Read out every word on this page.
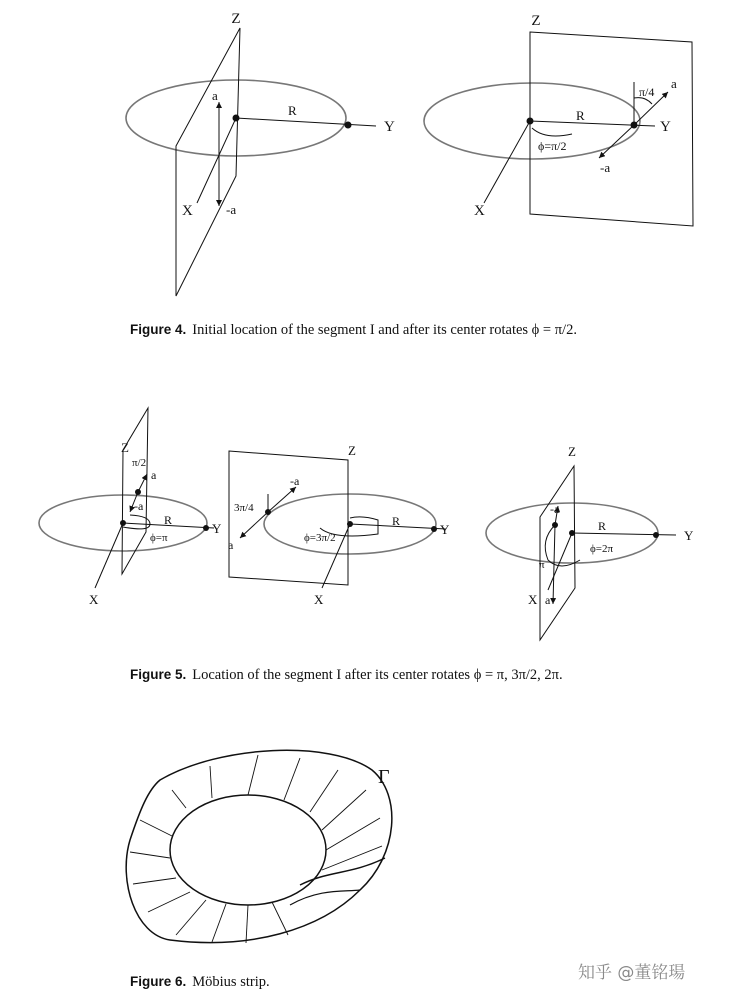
Z
X
Y
R
a
-a
Z
X
Y
R
π/4
ϕ=π/2
a
-a
Z
X
Y
R
π/2
ϕ=π
a
-a
Z
X
Y
R
3π/4
ϕ=3π/2
a
-a
Z
X
Y
R
π
ϕ=2π
a
-a
Γ
Figure 4. Initial location of the segment I and after its center rotates ϕ = π/2.
Figure 5. Location of the segment I after its center rotates ϕ = π, 3π/2, 2π.
Figure 6. Möbius strip.	知乎 @董铭瑒
